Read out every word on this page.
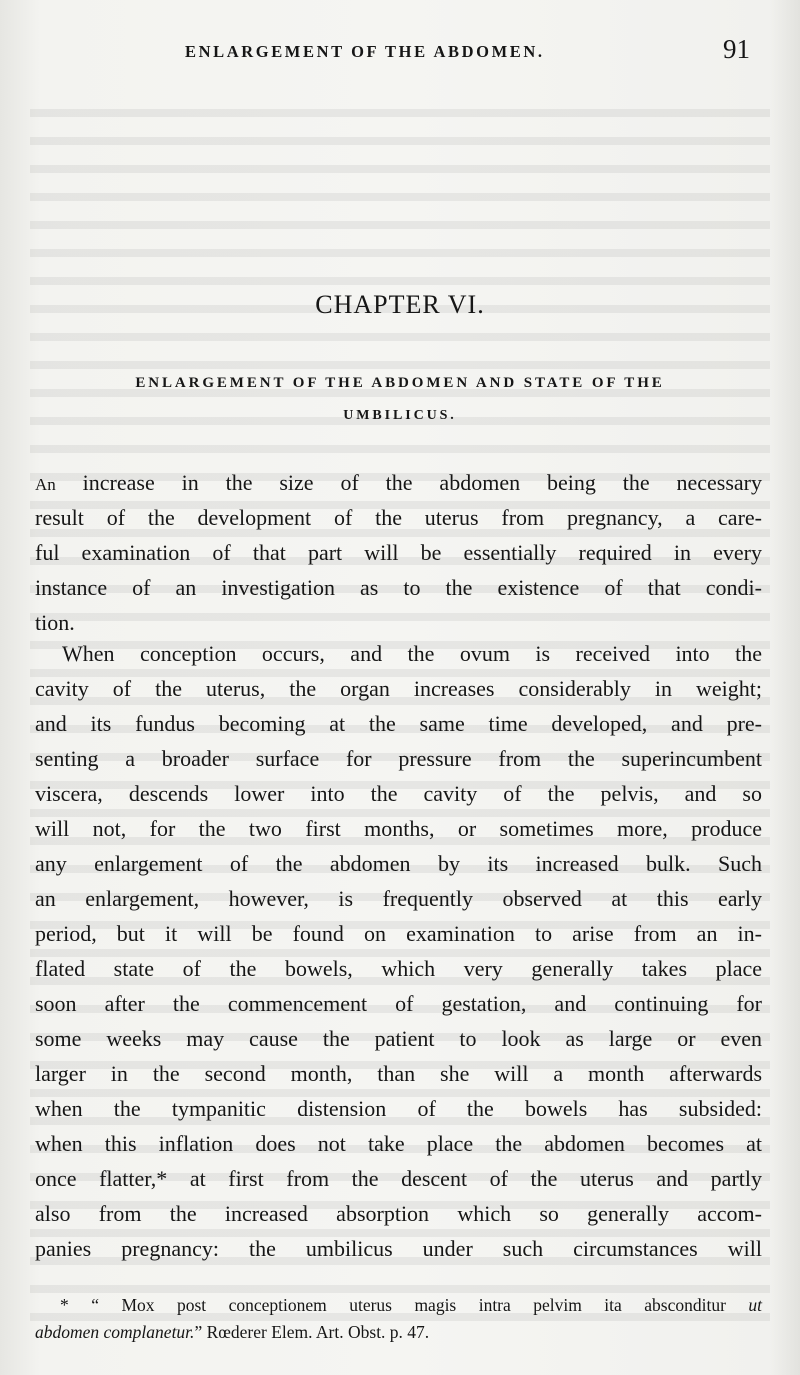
ENLARGEMENT OF THE ABDOMEN.	91
CHAPTER VI.
ENLARGEMENT OF THE ABDOMEN AND STATE OF THE
UMBILICUS.
An increase in the size of the abdomen being the necessary
result of the development of the uterus from pregnancy, a care-
ful examination of that part will be essentially required in every
instance of an investigation as to the existence of that condi-
tion.
When conception occurs, and the ovum is received into the
cavity of the uterus, the organ increases considerably in weight;
and its fundus becoming at the same time developed, and pre-
senting a broader surface for pressure from the superincumbent
viscera, descends lower into the cavity of the pelvis, and so
will not, for the two first months, or sometimes more, produce
any enlargement of the abdomen by its increased bulk. Such
an enlargement, however, is frequently observed at this early
period, but it will be found on examination to arise from an in-
flated state of the bowels, which very generally takes place
soon after the commencement of gestation, and continuing for
some weeks may cause the patient to look as large or even
larger in the second month, than she will a month afterwards
when the tympanitic distension of the bowels has subsided:
when this inflation does not take place the abdomen becomes at
once flatter,* at first from the descent of the uterus and partly
also from the increased absorption which so generally accom-
panies pregnancy: the umbilicus under such circumstances will
* “ Mox post conceptionem uterus magis intra pelvim ita absconditur ut
abdomen complanetur.” Rœderer Elem. Art. Obst. p. 47.
